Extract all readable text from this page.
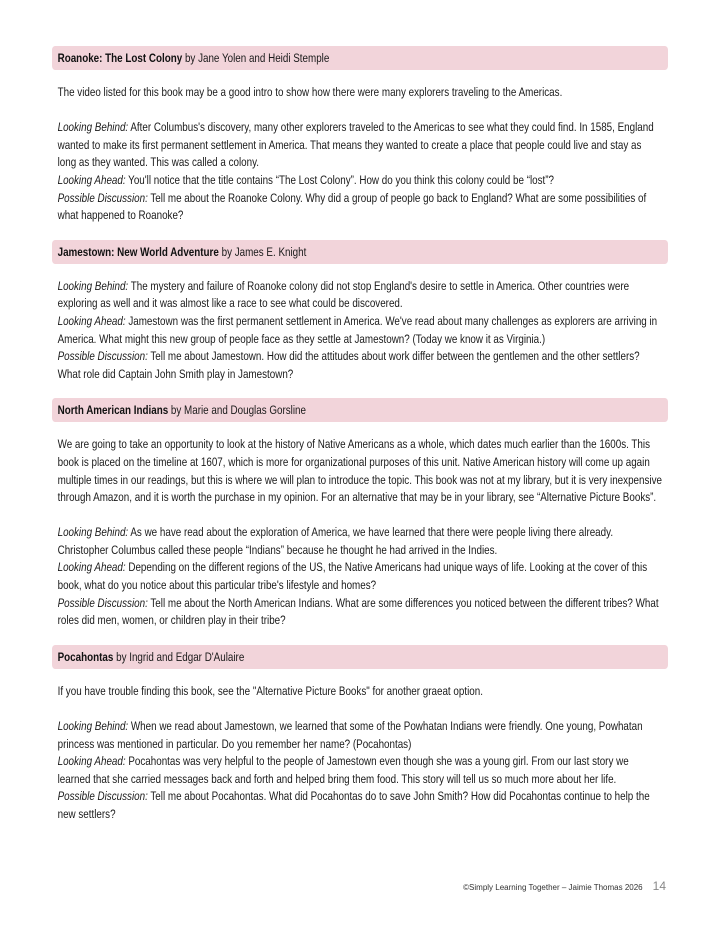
Roanoke: The Lost Colony by Jane Yolen and Heidi Stemple

The video listed for this book may be a good intro to show how there were many explorers traveling to the Americas.

Looking Behind: After Columbus's discovery, many other explorers traveled to the Americas to see what they could find. In 1585, England wanted to make its first permanent settlement in America. That means they wanted to create a place that people could live and stay as long as they wanted. This was called a colony.

Looking Ahead: You'll notice that the title contains “The Lost Colony”. How do you think this colony could be “lost”?

Possible Discussion: Tell me about the Roanoke Colony. Why did a group of people go back to England? What are some possibilities of what happened to Roanoke?

Jamestown: New World Adventure by James E. Knight

Looking Behind: The mystery and failure of Roanoke colony did not stop England's desire to settle in America. Other countries were exploring as well and it was almost like a race to see what could be discovered.

Looking Ahead: Jamestown was the first permanent settlement in America. We've read about many challenges as explorers are arriving in America. What might this new group of people face as they settle at Jamestown? (Today we know it as Virginia.)

Possible Discussion: Tell me about Jamestown. How did the attitudes about work differ between the gentlemen and the other settlers? What role did Captain John Smith play in Jamestown?

North American Indians by Marie and Douglas Gorsline

We are going to take an opportunity to look at the history of Native Americans as a whole, which dates much earlier than the 1600s. This book is placed on the timeline at 1607, which is more for organizational purposes of this unit. Native American history will come up again multiple times in our readings, but this is where we will plan to introduce the topic. This book was not at my library, but it is very inexpensive through Amazon, and it is worth the purchase in my opinion. For an alternative that may be in your library, see “Alternative Picture Books”.

Looking Behind: As we have read about the exploration of America, we have learned that there were people living there already. Christopher Columbus called these people “Indians” because he thought he had arrived in the Indies.

Looking Ahead: Depending on the different regions of the US, the Native Americans had unique ways of life. Looking at the cover of this book, what do you notice about this particular tribe's lifestyle and homes?

Possible Discussion: Tell me about the North American Indians. What are some differences you noticed between the different tribes? What roles did men, women, or children play in their tribe?

Pocahontas by Ingrid and Edgar D'Aulaire

If you have trouble finding this book, see the "Alternative Picture Books" for another graeat option.

Looking Behind: When we read about Jamestown, we learned that some of the Powhatan Indians were friendly. One young, Powhatan princess was mentioned in particular. Do you remember her name? (Pocahontas)

Looking Ahead: Pocahontas was very helpful to the people of Jamestown even though she was a young girl. From our last story we learned that she carried messages back and forth and helped bring them food. This story will tell us so much more about her life.

Possible Discussion: Tell me about Pocahontas. What did Pocahontas do to save John Smith? How did Pocahontas continue to help the new settlers?

©Simply Learning Together – Jaimie Thomas 2026 14
